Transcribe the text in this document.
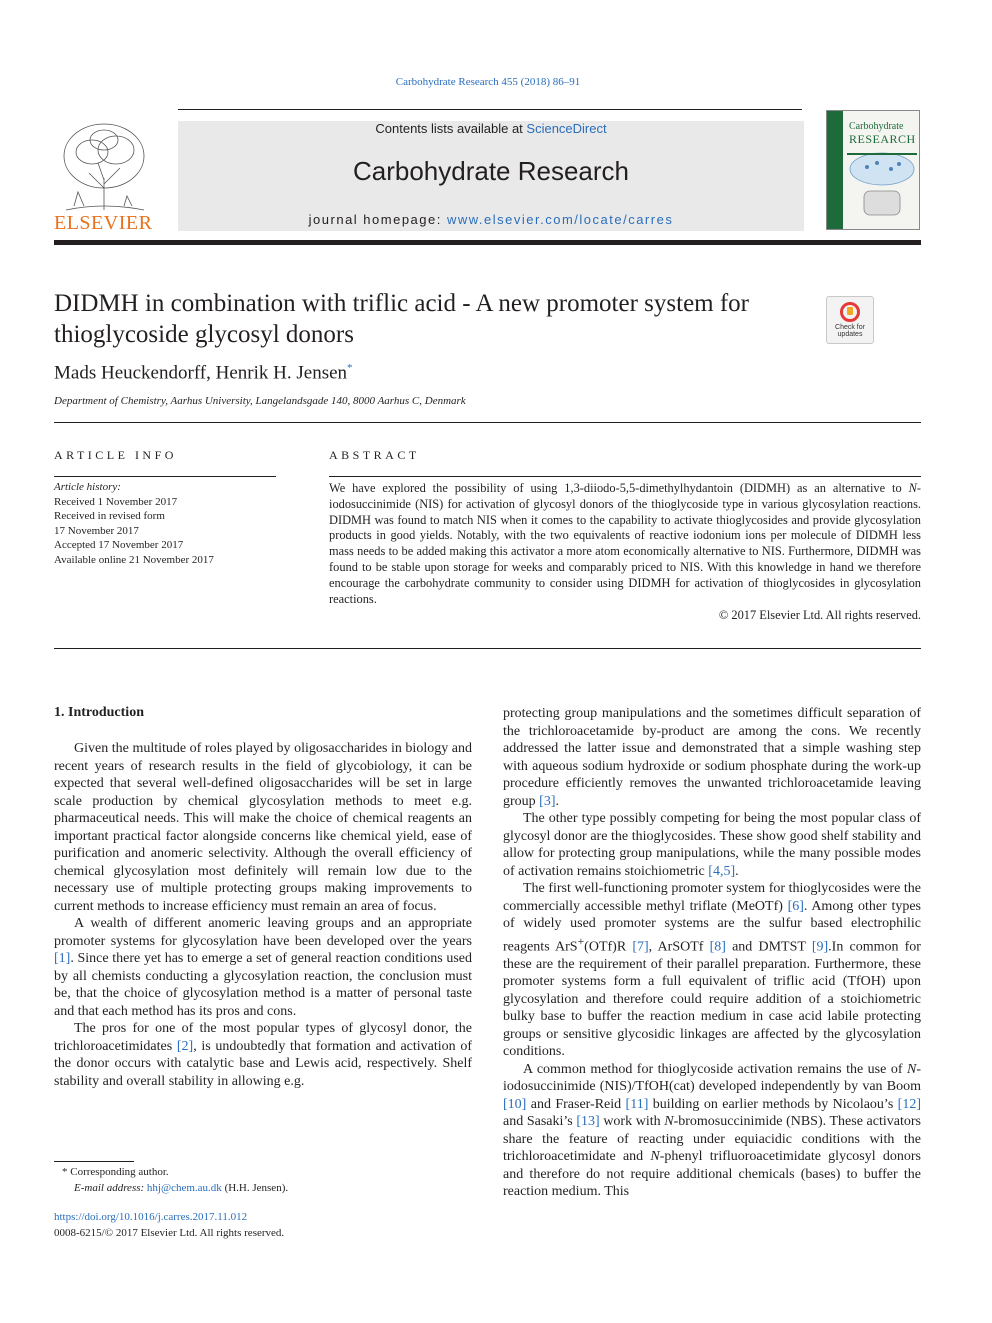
Carbohydrate Research 455 (2018) 86–91
ELSEVIER
Contents lists available at ScienceDirect
Carbohydrate Research
journal homepage: www.elsevier.com/locate/carres
Carbohydrate
RESEARCH
DIDMH in combination with triflic acid - A new promoter system for thioglycoside glycosyl donors	Check for
updates
Mads Heuckendorff, Henrik H. Jensen*
Department of Chemistry, Aarhus University, Langelandsgade 140, 8000 Aarhus C, Denmark
ARTICLE INFO
Article history:
Received 1 November 2017
Received in revised form
17 November 2017
Accepted 17 November 2017
Available online 21 November 2017
ABSTRACT
We have explored the possibility of using 1,3-diiodo-5,5-dimethylhydantoin (DIDMH) as an alternative to N-iodosuccinimide (NIS) for activation of glycosyl donors of the thioglycoside type in various glycosylation reactions. DIDMH was found to match NIS when it comes to the capability to activate thioglycosides and provide glycosylation products in good yields. Notably, with the two equivalents of reactive iodonium ions per molecule of DIDMH less mass needs to be added making this activator a more atom economically alternative to NIS. Furthermore, DIDMH was found to be stable upon storage for weeks and comparably priced to NIS. With this knowledge in hand we therefore encourage the carbohydrate community to consider using DIDMH for activation of thioglycosides in glycosylation reactions.
© 2017 Elsevier Ltd. All rights reserved.
1. Introduction

Given the multitude of roles played by oligosaccharides in biology and recent years of research results in the field of glycobiology, it can be expected that several well-defined oligosaccharides will be set in large scale production by chemical glycosylation methods to meet e.g. pharmaceutical needs. This will make the choice of chemical reagents an important practical factor alongside concerns like chemical yield, ease of purification and anomeric selectivity. Although the overall efficiency of chemical glycosylation most definitely will remain low due to the necessary use of multiple protecting groups making improvements to current methods to increase efficiency must remain an area of focus.

A wealth of different anomeric leaving groups and an appropriate promoter systems for glycosylation have been developed over the years [1]. Since there yet has to emerge a set of general reaction conditions used by all chemists conducting a glycosylation reaction, the conclusion must be, that the choice of glycosylation method is a matter of personal taste and that each method has its pros and cons.

The pros for one of the most popular types of glycosyl donor, the trichloroacetimidates [2], is undoubtedly that formation and activation of the donor occurs with catalytic base and Lewis acid, respectively. Shelf stability and overall stability in allowing e.g.

protecting group manipulations and the sometimes difficult separation of the trichloroacetamide by-product are among the cons. We recently addressed the latter issue and demonstrated that a simple washing step with aqueous sodium hydroxide or sodium phosphate during the work-up procedure efficiently removes the unwanted trichloroacetamide leaving group [3].

The other type possibly competing for being the most popular class of glycosyl donor are the thioglycosides. These show good shelf stability and allow for protecting group manipulations, while the many possible modes of activation remains stoichiometric [4,5].

The first well-functioning promoter system for thioglycosides were the commercially accessible methyl triflate (MeOTf) [6]. Among other types of widely used promoter systems are the sulfur based electrophilic reagents ArS+(OTf)R [7], ArSOTf [8] and DMTST [9].In common for these are the requirement of their parallel preparation. Furthermore, these promoter systems form a full equivalent of triflic acid (TfOH) upon glycosylation and therefore could require addition of a stoichiometric bulky base to buffer the reaction medium in case acid labile protecting groups or sensitive glycosidic linkages are affected by the glycosylation conditions.

A common method for thioglycoside activation remains the use of N-iodosuccinimide (NIS)/TfOH(cat) developed independently by van Boom [10] and Fraser-Reid [11] building on earlier methods by Nicolaou’s [12] and Sasaki’s [13] work with N-bromosuccinimide (NBS). These activators share the feature of reacting under equiacidic conditions with the trichloroacetimidate and N-phenyl trifluoroacetimidate glycosyl donors and therefore do not require additional chemicals (bases) to buffer the reaction medium. This

* Corresponding author.
E-mail address: hhj@chem.au.dk (H.H. Jensen).
https://doi.org/10.1016/j.carres.2017.11.012
0008-6215/© 2017 Elsevier Ltd. All rights reserved.
